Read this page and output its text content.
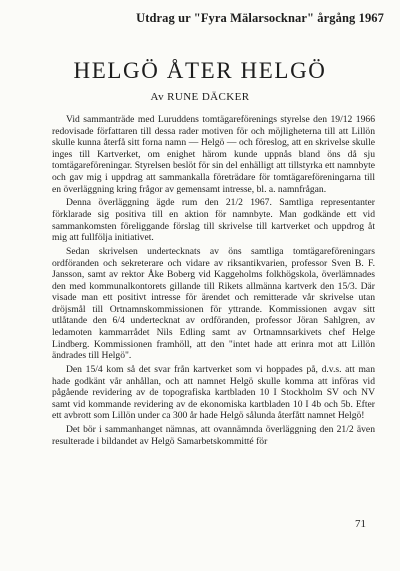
Utdrag ur "Fyra Mälarsocknar" årgång 1967
HELGÖ ÅTER HELGÖ
Av RUNE DÄCKER

Vid sammanträde med Luruddens tomtägareförenings styrelse den 19/12 1966 redovisade författaren till dessa rader motiven för och möjligheterna till att Lillön skulle kunna återfå sitt forna namn — Helgö — och föreslog, att en skrivelse skulle inges till Kartverket, om enighet härom kunde uppnås bland öns då sju tomtägareföreningar. Styrelsen beslöt för sin del enhälligt att tillstyrka ett namnbyte och gav mig i uppdrag att sammankalla företrädare för tomtägareföreningarna till en överläggning kring frågor av gemensamt intresse, bl. a. namnfrågan.

Denna överläggning ägde rum den 21/2 1967. Samtliga representanter förklarade sig positiva till en aktion för namnbyte. Man godkände ett vid sammankomsten föreliggande förslag till skrivelse till kartverket och uppdrog åt mig att fullfölja initiativet.

Sedan skrivelsen undertecknats av öns samtliga tomtägareföreningars ordföranden och sekreterare och vidare av riksantikvarien, professor Sven B. F. Jansson, samt av rektor Åke Boberg vid Kaggeholms folkhögskola, överlämnades den med kommunalkontorets gillande till Rikets allmänna kartverk den 15/3. Där visade man ett positivt intresse för ärendet och remitterade vår skrivelse utan dröjsmål till Ortnamnskommissionen för yttrande. Kommissionen avgav sitt utlåtande den 6/4 undertecknat av ordföranden, professor Jöran Sahlgren, av ledamoten kammarrådet Nils Edling samt av Ortnamnsarkivets chef Helge Lindberg. Kommissionen framhöll, att den "intet hade att erinra mot att Lillön ändrades till Helgö".

Den 15/4 kom så det svar från kartverket som vi hoppades på, d.v.s. att man hade godkänt vår anhållan, och att namnet Helgö skulle komma att införas vid pågående revidering av de topografiska kartbladen 10 I Stockholm SV och NV samt vid kommande revidering av de ekonomiska kartbladen 10 I 4b och 5b. Efter ett avbrott som Lillön under ca 300 år hade Helgö sålunda återfått namnet Helgö!

Det bör i sammanhanget nämnas, att ovannämnda överläggning den 21/2 även resulterade i bildandet av Helgö Samarbetskommitté för

71
